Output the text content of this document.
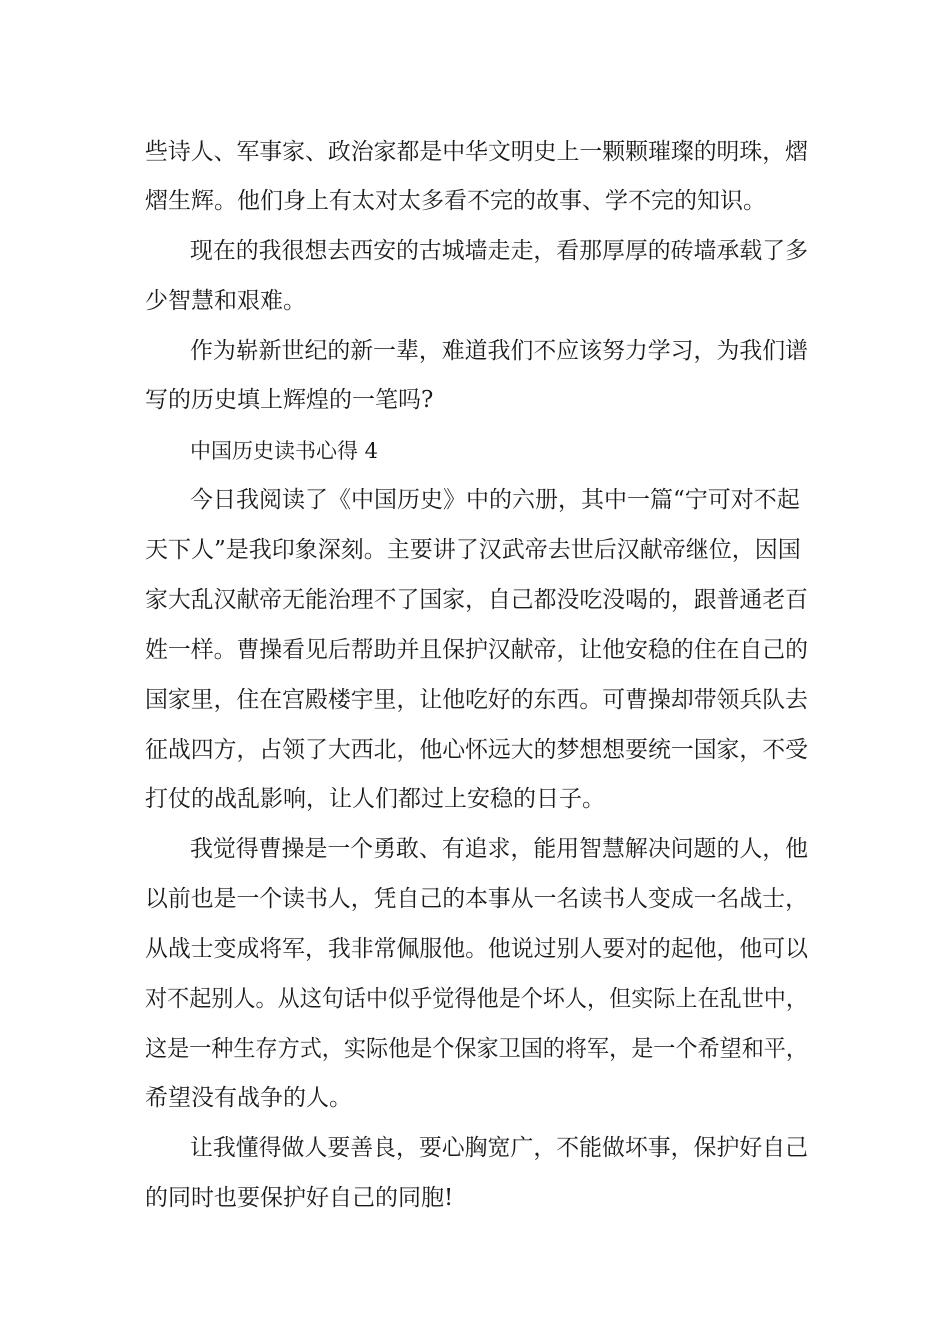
些诗人、军事家、政治家都是中华文明史上一颗颗璀璨的明珠，熠

熠生辉。他们身上有太对太多看不完的故事、学不完的知识。

现在的我很想去西安的古城墙走走，看那厚厚的砖墙承载了多

少智慧和艰难。

作为崭新世纪的新一辈，难道我们不应该努力学习，为我们谱

写的历史填上辉煌的一笔吗?

中国历史读书心得 4

今日我阅读了《中国历史》中的六册，其中一篇“宁可对不起

天下人”是我印象深刻。主要讲了汉武帝去世后汉献帝继位，因国

家大乱汉献帝无能治理不了国家，自己都没吃没喝的，跟普通老百

姓一样。曹操看见后帮助并且保护汉献帝，让他安稳的住在自己的

国家里，住在宫殿楼宇里，让他吃好的东西。可曹操却带领兵队去

征战四方，占领了大西北，他心怀远大的梦想想要统一国家，不受

打仗的战乱影响，让人们都过上安稳的日子。

我觉得曹操是一个勇敢、有追求，能用智慧解决问题的人，他

以前也是一个读书人，凭自己的本事从一名读书人变成一名战士，

从战士变成将军，我非常佩服他。他说过别人要对的起他，他可以

对不起别人。从这句话中似乎觉得他是个坏人，但实际上在乱世中，

这是一种生存方式，实际他是个保家卫国的将军，是一个希望和平，

希望没有战争的人。

让我懂得做人要善良，要心胸宽广，不能做坏事，保护好自己

的同时也要保护好自己的同胞!
